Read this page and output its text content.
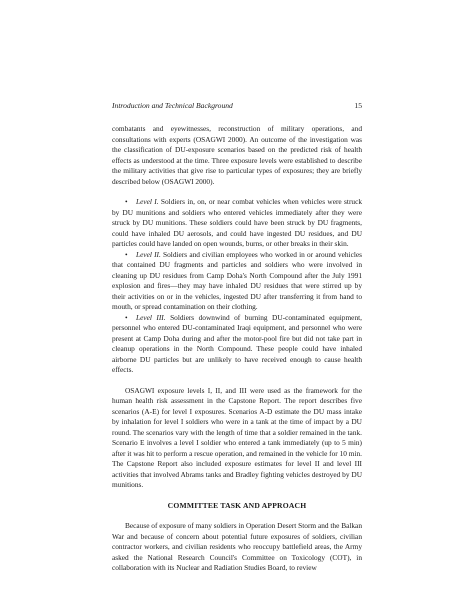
Introduction and Technical Background	15

combatants and eyewitnesses, reconstruction of military operations, and consultations with experts (OSAGWI 2000). An outcome of the investigation was the classification of DU-exposure scenarios based on the predicted risk of health effects as understood at the time. Three exposure levels were established to describe the military activities that give rise to particular types of exposures; they are briefly described below (OSAGWI 2000).

• Level I. Soldiers in, on, or near combat vehicles when vehicles were struck by DU munitions and soldiers who entered vehicles immediately after they were struck by DU munitions. These soldiers could have been struck by DU fragments, could have inhaled DU aerosols, and could have ingested DU residues, and DU particles could have landed on open wounds, burns, or other breaks in their skin.

• Level II. Soldiers and civilian employees who worked in or around vehicles that contained DU fragments and particles and soldiers who were involved in cleaning up DU residues from Camp Doha's North Compound after the July 1991 explosion and fires—they may have inhaled DU residues that were stirred up by their activities on or in the vehicles, ingested DU after transferring it from hand to mouth, or spread contamination on their clothing.

• Level III. Soldiers downwind of burning DU-contaminated equipment, personnel who entered DU-contaminated Iraqi equipment, and personnel who were present at Camp Doha during and after the motor-pool fire but did not take part in cleanup operations in the North Compound. These people could have inhaled airborne DU particles but are unlikely to have received enough to cause health effects.

OSAGWI exposure levels I, II, and III were used as the framework for the human health risk assessment in the Capstone Report. The report describes five scenarios (A-E) for level I exposures. Scenarios A-D estimate the DU mass intake by inhalation for level I soldiers who were in a tank at the time of impact by a DU round. The scenarios vary with the length of time that a soldier remained in the tank. Scenario E involves a level I soldier who entered a tank immediately (up to 5 min) after it was hit to perform a rescue operation, and remained in the vehicle for 10 min. The Capstone Report also included exposure estimates for level II and level III activities that involved Abrams tanks and Bradley fighting vehicles destroyed by DU munitions.

COMMITTEE TASK AND APPROACH

Because of exposure of many soldiers in Operation Desert Storm and the Balkan War and because of concern about potential future exposures of soldiers, civilian contractor workers, and civilian residents who reoccupy battlefield areas, the Army asked the National Research Council's Committee on Toxicology (COT), in collaboration with its Nuclear and Radiation Studies Board, to review
